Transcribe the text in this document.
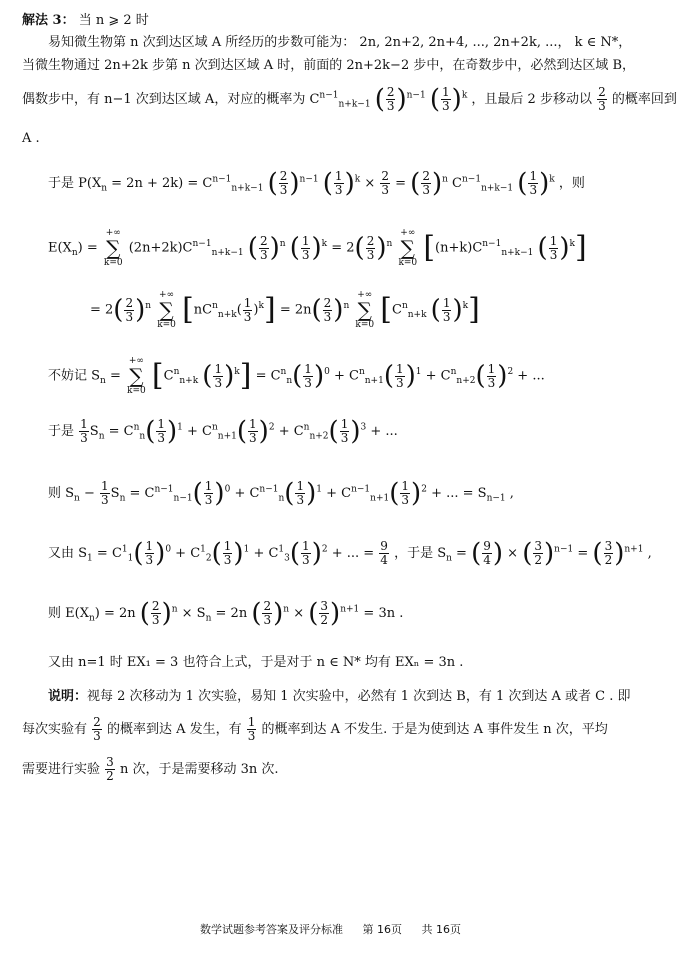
解法 3： 当 n ⩾ 2 时
易知微生物第 n 次到达区域 A 所经历的步数可能为： 2n, 2n+2, 2n+4, ..., 2n+2k, ...， k ∈ N*，
当微生物通过 2n+2k 步第 n 次到达区域 A 时，前面的 2n+2k−2 步中，在奇数步中，必然到达区域 B，
偶数步中，有 n−1 次到达区域 A，对应的概率为 $C^{n-1}_{n+k-1}$ ( $\frac{2}{3} )^{n-1}$ ( $\frac{1}{3} )^k$ ，且最后 2 步移动以 $\frac{2}{3}$ 的概率回到
A .
于是 $P(X_n = 2n + 2k) = C^{n-1}_{n+k-1}$ ( $\frac{2}{3} )^{n-1}$ ( $\frac{1}{3} )^k \times \frac{2}{3}$ = ( $\frac{2}{3} )^n$ $C^{n-1}_{n+k-1}$ ( $\frac{1}{3} )^k$ ，则
$E(X_n)$ = +∞
∑
k=0 $(2n+2k)C^{n-1}_{n+k-1}$ ( $\frac{2}{3} )^n$ ( $\frac{1}{3} )^k = 2( \frac{2}{3} )^n$ +∞
∑
k=0 [$(n+k)C^{n-1}_{n+k-1}$ ( $\frac{1}{3} )^k$]
= $2( \frac{2}{3} )^n$ +∞
∑
k=0 $[nC^n_{n+k}( \frac{1}{3} )^k] = 2n( \frac{2}{3} )^n$ +∞
∑
k=0 [$C^n_{n+k}$ ( $\frac{1}{3} )^k$]
不妨记 $S_n$ = +∞
∑
k=0 [$C^n_{n+k}$ ( $\frac{1}{3} )^k] = C^n_n( \frac{1}{3} )^0 + C^n_{n+1}( \frac{1}{3} )^1 + C^n_{n+2}( \frac{1}{3} )^2$ + ...
于是 $\frac{1}{3} S_n = C^n_n( \frac{1}{3} )^1 + C^n_{n+1}( \frac{1}{3} )^2 + C^n_{n+2}( \frac{1}{3} )^3$ + ...
则 $S_n - \frac{1}{3} S_n = C^{n-1}_{n-1}( \frac{1}{3} )^0 + C^{n-1}_n( \frac{1}{3} )^1 + C^{n-1}_{n+1}( \frac{1}{3} )^2$ + ... = $S_{n-1}$ ,
又由 $S_1 = C^1_1( \frac{1}{3} )^0 + C^1_2( \frac{1}{3} )^1 + C^1_3( \frac{1}{3} )^2$ + ... = $\frac{9}{4}$ ，于是 $S_n$ = ( $\frac{9}{4}$ ) × ( $\frac{3}{2} )^{n-1}$ = ( $\frac{3}{2} )^{n+1}$ ,
则 $E(X_n) = 2n$ ( $\frac{2}{3} )^n \times S_n = 2n$ ( $\frac{2}{3} )^n$ × ( $\frac{3}{2} )^{n+1} = 3n$ .
又由 n=1 时 EX₁ = 3 也符合上式，于是对于 n ∈ N* 均有 EXₙ = 3n .
说明：视每 2 次移动为 1 次实验，易知 1 次实验中，必然有 1 次到达 B，有 1 次到达 A 或者 C . 即
每次实验有 $\frac{2}{3}$ 的概率到达 A 发生，有 $\frac{1}{3}$ 的概率到达 A 不发生. 于是为使到达 A 事件发生 n 次，平均
需要进行实验 $\frac{3}{2}$ n 次，于是需要移动 3n 次.
数学试题参考答案及评分标准 第 16页 共 16页
